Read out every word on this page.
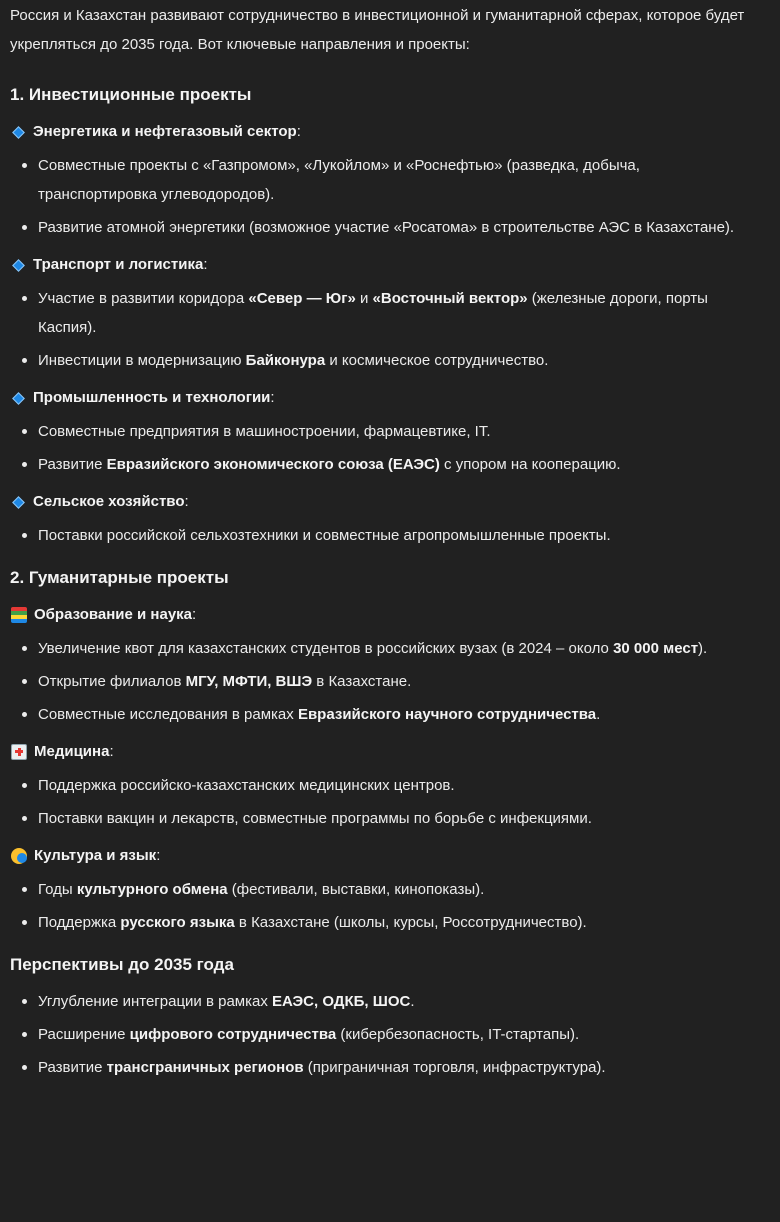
Россия и Казахстан развивают сотрудничество в инвестиционной и гуманитарной сферах, которое будет укрепляться до 2035 года. Вот ключевые направления и проекты:

1. Инвестиционные проекты
Энергетика и нефтегазовый сектор :
Совместные проекты с «Газпромом», «Лукойлом» и «Роснефтью» (разведка, добыча, транспортировка углеводородов).
Развитие атомной энергетики (возможное участие «Росатома» в строительстве АЭС в Казахстане).
Транспорт и логистика :
Участие в развитии коридора «Север — Юг» и «Восточный вектор» (железные дороги, порты Каспия).
Инвестиции в модернизацию Байконура и космическое сотрудничество.
Промышленность и технологии :
Совместные предприятия в машиностроении, фармацевтике, IT.
Развитие Евразийского экономического союза (ЕАЭС) с упором на кооперацию.
Сельское хозяйство :
Поставки российской сельхозтехники и совместные агропромышленные проекты.
2. Гуманитарные проекты
Образование и наука :
Увеличение квот для казахстанских студентов в российских вузах (в 2024 – около 30 000 мест).
Открытие филиалов МГУ, МФТИ, ВШЭ в Казахстане.
Совместные исследования в рамках Евразийского научного сотрудничества.
Медицина :
Поддержка российско-казахстанских медицинских центров.
Поставки вакцин и лекарств, совместные программы по борьбе с инфекциями.
Культура и язык :
Годы культурного обмена (фестивали, выставки, кинопоказы).
Поддержка русского языка в Казахстане (школы, курсы, Россотрудничество).
Перспективы до 2035 года
Углубление интеграции в рамках ЕАЭС, ОДКБ, ШОС.
Расширение цифрового сотрудничества (кибербезопасность, IT-стартапы).
Развитие трансграничных регионов (приграничная торговля, инфраструктура).
